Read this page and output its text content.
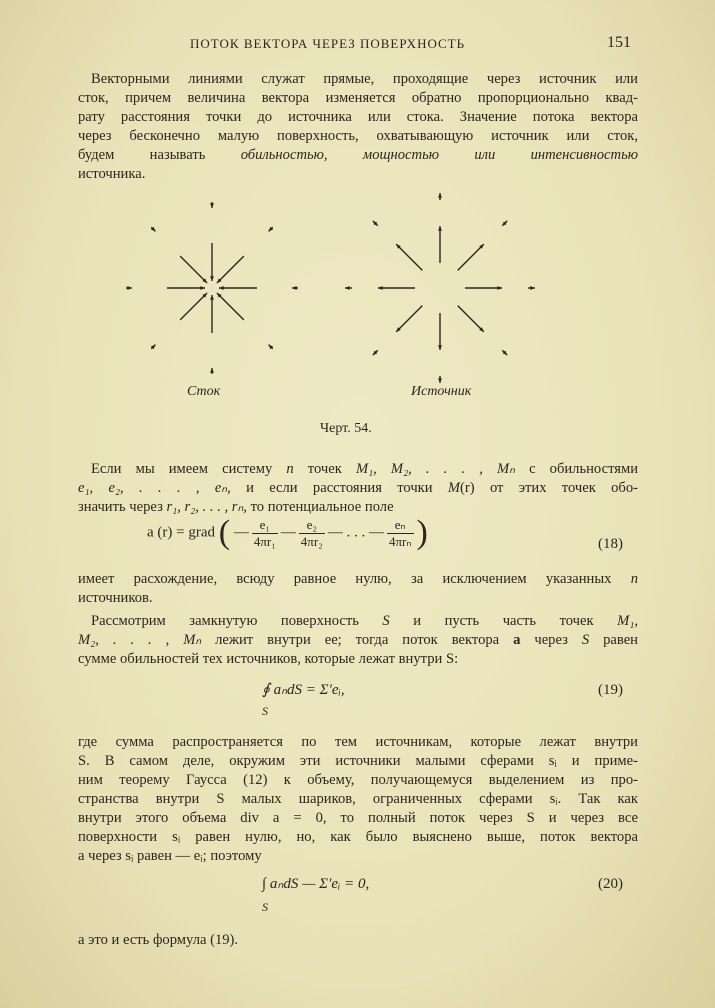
ПОТОК ВЕКТОРА ЧЕРЕЗ ПОВЕРХНОСТЬ	151
Векторными линиями служат прямые, проходящие через источник или
сток, причем величина вектора изменяется обратно пропорционально квад-
рату расстояния точки до источника или стока. Значение потока вектора
через бесконечно малую поверхность, охватывающую источник или сток,
будем называть обильностью, мощностью или интенсивностью
источника.
Сток	Источник
Черт. 54.
Если мы имеем систему n точек M₁, M₂, . . . , Mₙ с обильностями
e₁, e₂, . . . , eₙ, и если расстояния точки M(r) от этих точек обо-
значить через r₁, r₂, . . . , rₙ, то потенциальное поле
a (r) = grad ( — $\frac{\text{e₁}}{\text{4πr₁}}$ — $\frac{\text{e₂}}{\text{4πr₂}}$ — . . . — $\frac{\text{eₙ}}{\text{4πrₙ}}$ )	(18)
имеет расхождение, всюду равное нулю, за исключением указанных n
источников.
Рассмотрим замкнутую поверхность S и пусть часть точек M₁,
M₂, . . . , Mₙ лежит внутри ее; тогда поток вектора a через S равен
сумме обильностей тех источников, которые лежат внутри S:
∮ aₙdS = Σ′eᵢ,
S
(19)
где сумма распространяется по тем источникам, которые лежат внутри
S. В самом деле, окружим эти источники малыми сферами sᵢ и приме-
ним теорему Гаусса (12) к объему, получающемуся выделением из про-
странства внутри S малых шариков, ограниченных сферами sᵢ. Так как
внутри этого объема div a = 0, то полный поток через S и через все
поверхности sᵢ равен нулю, но, как было выяснено выше, поток вектора
a через sᵢ равен — eᵢ; поэтому
∫ aₙdS — Σ′eᵢ = 0,
S
(20)
а это и есть формула (19).
